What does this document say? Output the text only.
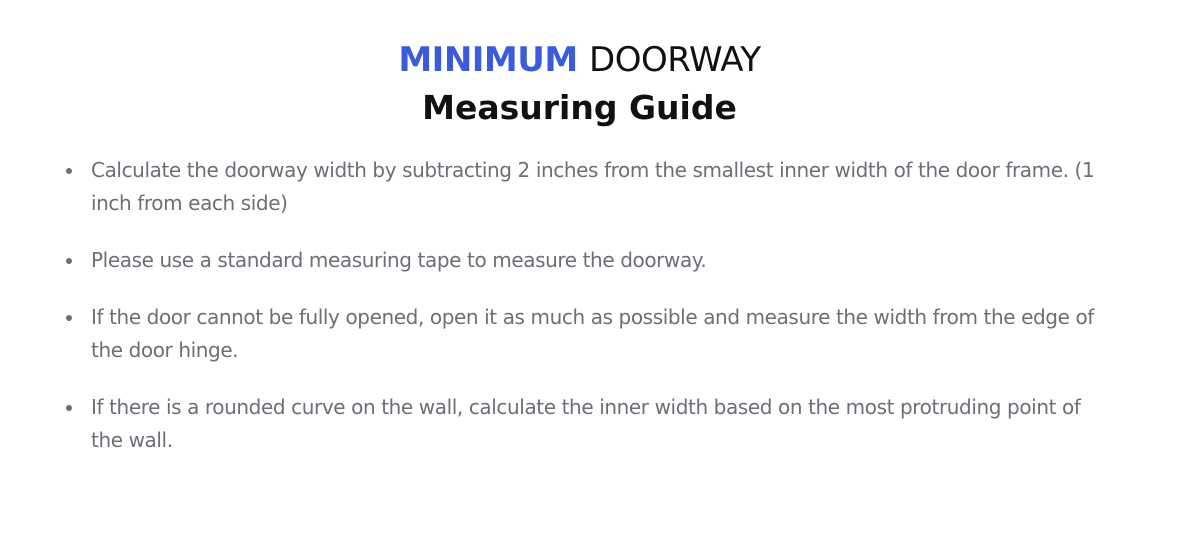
MINIMUM DOORWAY
Measuring Guide
Calculate the doorway width by subtracting 2 inches from the smallest inner width of the door frame. (1 inch from each side)
Please use a standard measuring tape to measure the doorway.
If the door cannot be fully opened, open it as much as possible and measure the width from the edge of the door hinge.
If there is a rounded curve on the wall, calculate the inner width based on the most protruding point of the wall.
